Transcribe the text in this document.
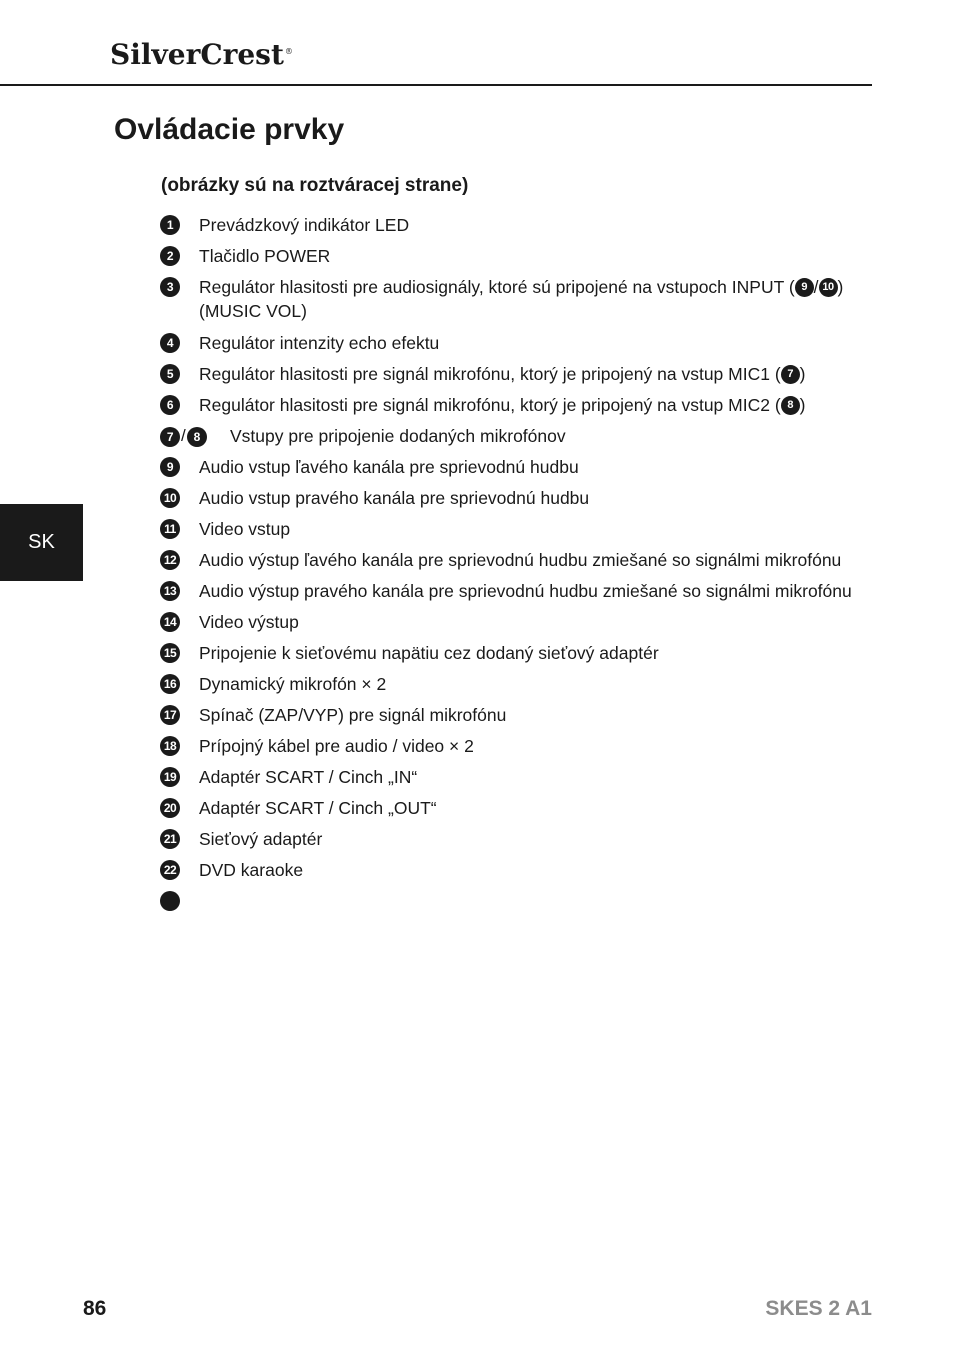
SilverCrest®
Ovládacie prvky
(obrázky sú na roztváracej strane)
1	Prevádzkový indikátor LED
2	Tlačidlo POWER
3	Regulátor hlasitosti pre audiosignály, ktoré sú pripojené na vstupoch INPUT ( 9 / 10 )
(MUSIC VOL)
4	Regulátor intenzity echo efektu
5	Regulátor hlasitosti pre signál mikrofónu, ktorý je pripojený na vstup MIC1 ( 7 )
6	Regulátor hlasitosti pre signál mikrofónu, ktorý je pripojený na vstup MIC2 ( 8 )
7 / 8	Vstupy pre pripojenie dodaných mikrofónov
9	Audio vstup ľavého kanála pre sprievodnú hudbu
10 Audio vstup pravého kanála pre sprievodnú hudbu
11 Video vstup
12 Audio výstup ľavého kanála pre sprievodnú hudbu zmiešané so signálmi mikrofónu
13 Audio výstup pravého kanála pre sprievodnú hudbu zmiešané so signálmi mikrofónu
14 Video výstup
15 Pripojenie k sieťovému napätiu cez dodaný sieťový adaptér
16 Dynamický mikrofón × 2
17 Spínač (ZAP/VYP) pre signál mikrofónu
18 Prípojný kábel pre audio / video × 2
19 Adaptér SCART / Cinch „IN“
20 Adaptér SCART / Cinch „OUT“
21 Sieťový adaptér
22 DVD karaoke
SK
86	SKES 2 A1
